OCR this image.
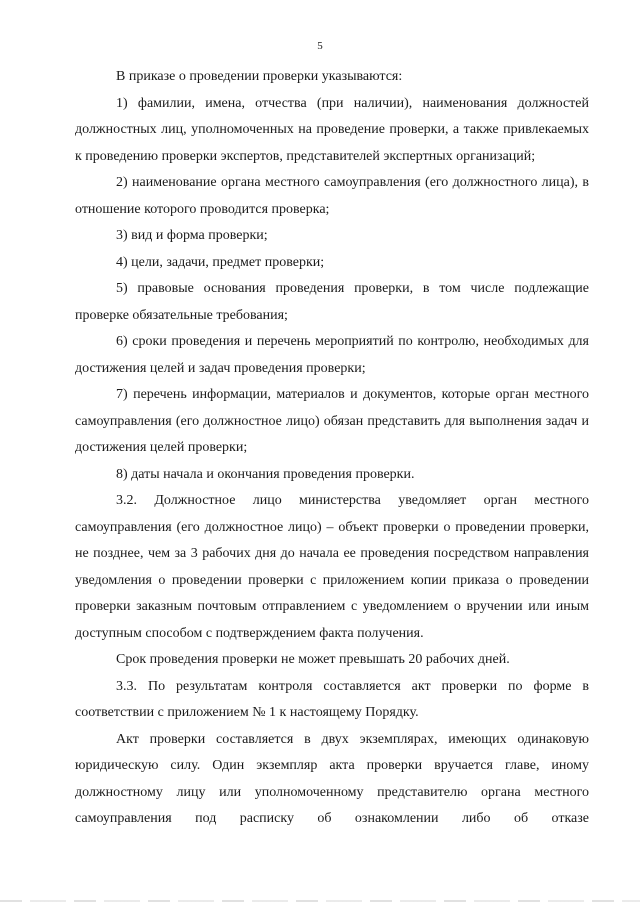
5

В приказе о проведении проверки указываются:

1) фамилии, имена, отчества (при наличии), наименования должностей должностных лиц, уполномоченных на проведение проверки, а также привлекаемых к проведению проверки экспертов, представителей экспертных организаций;

2) наименование органа местного самоуправления (его должностного лица), в отношение которого проводится проверка;

3) вид и форма проверки;

4) цели, задачи, предмет проверки;

5) правовые основания проведения проверки, в том числе подлежащие проверке обязательные требования;

6) сроки проведения и перечень мероприятий по контролю, необходимых для достижения целей и задач проведения проверки;

7) перечень информации, материалов и документов, которые орган местного самоуправления (его должностное лицо) обязан представить для выполнения задач и достижения целей проверки;

8) даты начала и окончания проведения проверки.

3.2. Должностное лицо министерства уведомляет орган местного самоуправления (его должностное лицо) – объект проверки о проведении проверки, не позднее, чем за 3 рабочих дня до начала ее проведения посредством направления уведомления о проведении проверки с приложением копии приказа о проведении проверки заказным почтовым отправлением с уведомлением о вручении или иным доступным способом с подтверждением факта получения.

Срок проведения проверки не может превышать 20 рабочих дней.

3.3. По результатам контроля составляется акт проверки по форме в соответствии с приложением № 1 к настоящему Порядку.

Акт проверки составляется в двух экземплярах, имеющих одинаковую юридическую силу. Один экземпляр акта проверки вручается главе, иному должностному лицу или уполномоченному представителю органа местного самоуправления под расписку об ознакомлении либо об отказе
